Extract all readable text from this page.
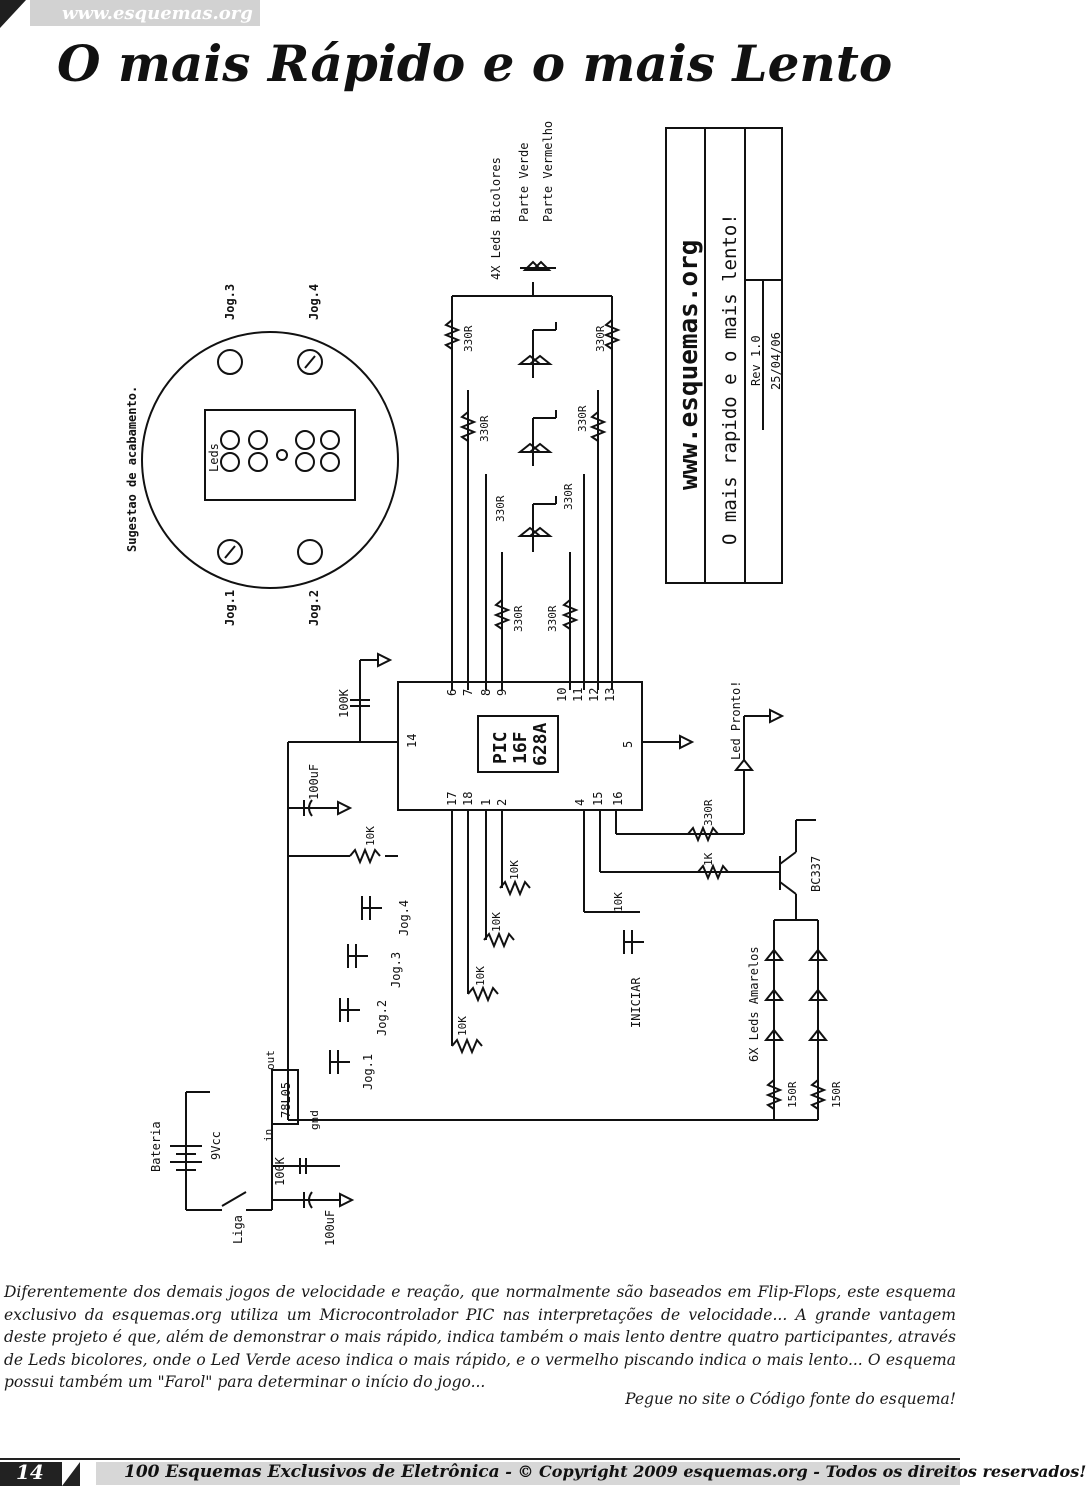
www.esquemas.org
O mais Rápido e o mais Lento
Sugestao de acabamento.	Leds
Jog.1	Jog.2
Jog.3	Jog.4	www.esquemas.org O mais rapido e o mais lento! Rev 1.0 25/04/06
4X Leds Bicolores Parte Verde Parte Vermelho
330R	330R
330R	330R
330R	330R
330R 330R
PIC 16F 628A
6 7 8 9	10 11 12 13
14	5
17 18 1 2	4 15 16
Led Pronto!
330R
1K	BC337
6X Leds Amarelos
150R	150R
100K
100uF
10K
10K
10K
10K
10K
10K
Jog.4
Jog.3
Jog.2
Jog.1
INICIAR
78L05
in
out
gnd
Bateria	9Vcc
Liga
100K
100uF
Diferentemente dos demais jogos de velocidade e reação, que normalmente são baseados em Flip-Flops, este esquema exclusivo da esquemas.org utiliza um Microcontrolador PIC nas interpretações de velocidade... A grande vantagem deste projeto é que, além de demonstrar o mais rápido, indica também o mais lento dentre quatro participantes, através de Leds bicolores, onde o Led Verde aceso indica o mais rápido, e o vermelho piscando indica o mais lento... O esquema possui também um "Farol" para determinar o início do jogo...
Pegue no site o Código fonte do esquema!
14	100 Esquemas Exclusivos de Eletrônica - © Copyright 2009 esquemas.org - Todos os direitos reservados!
